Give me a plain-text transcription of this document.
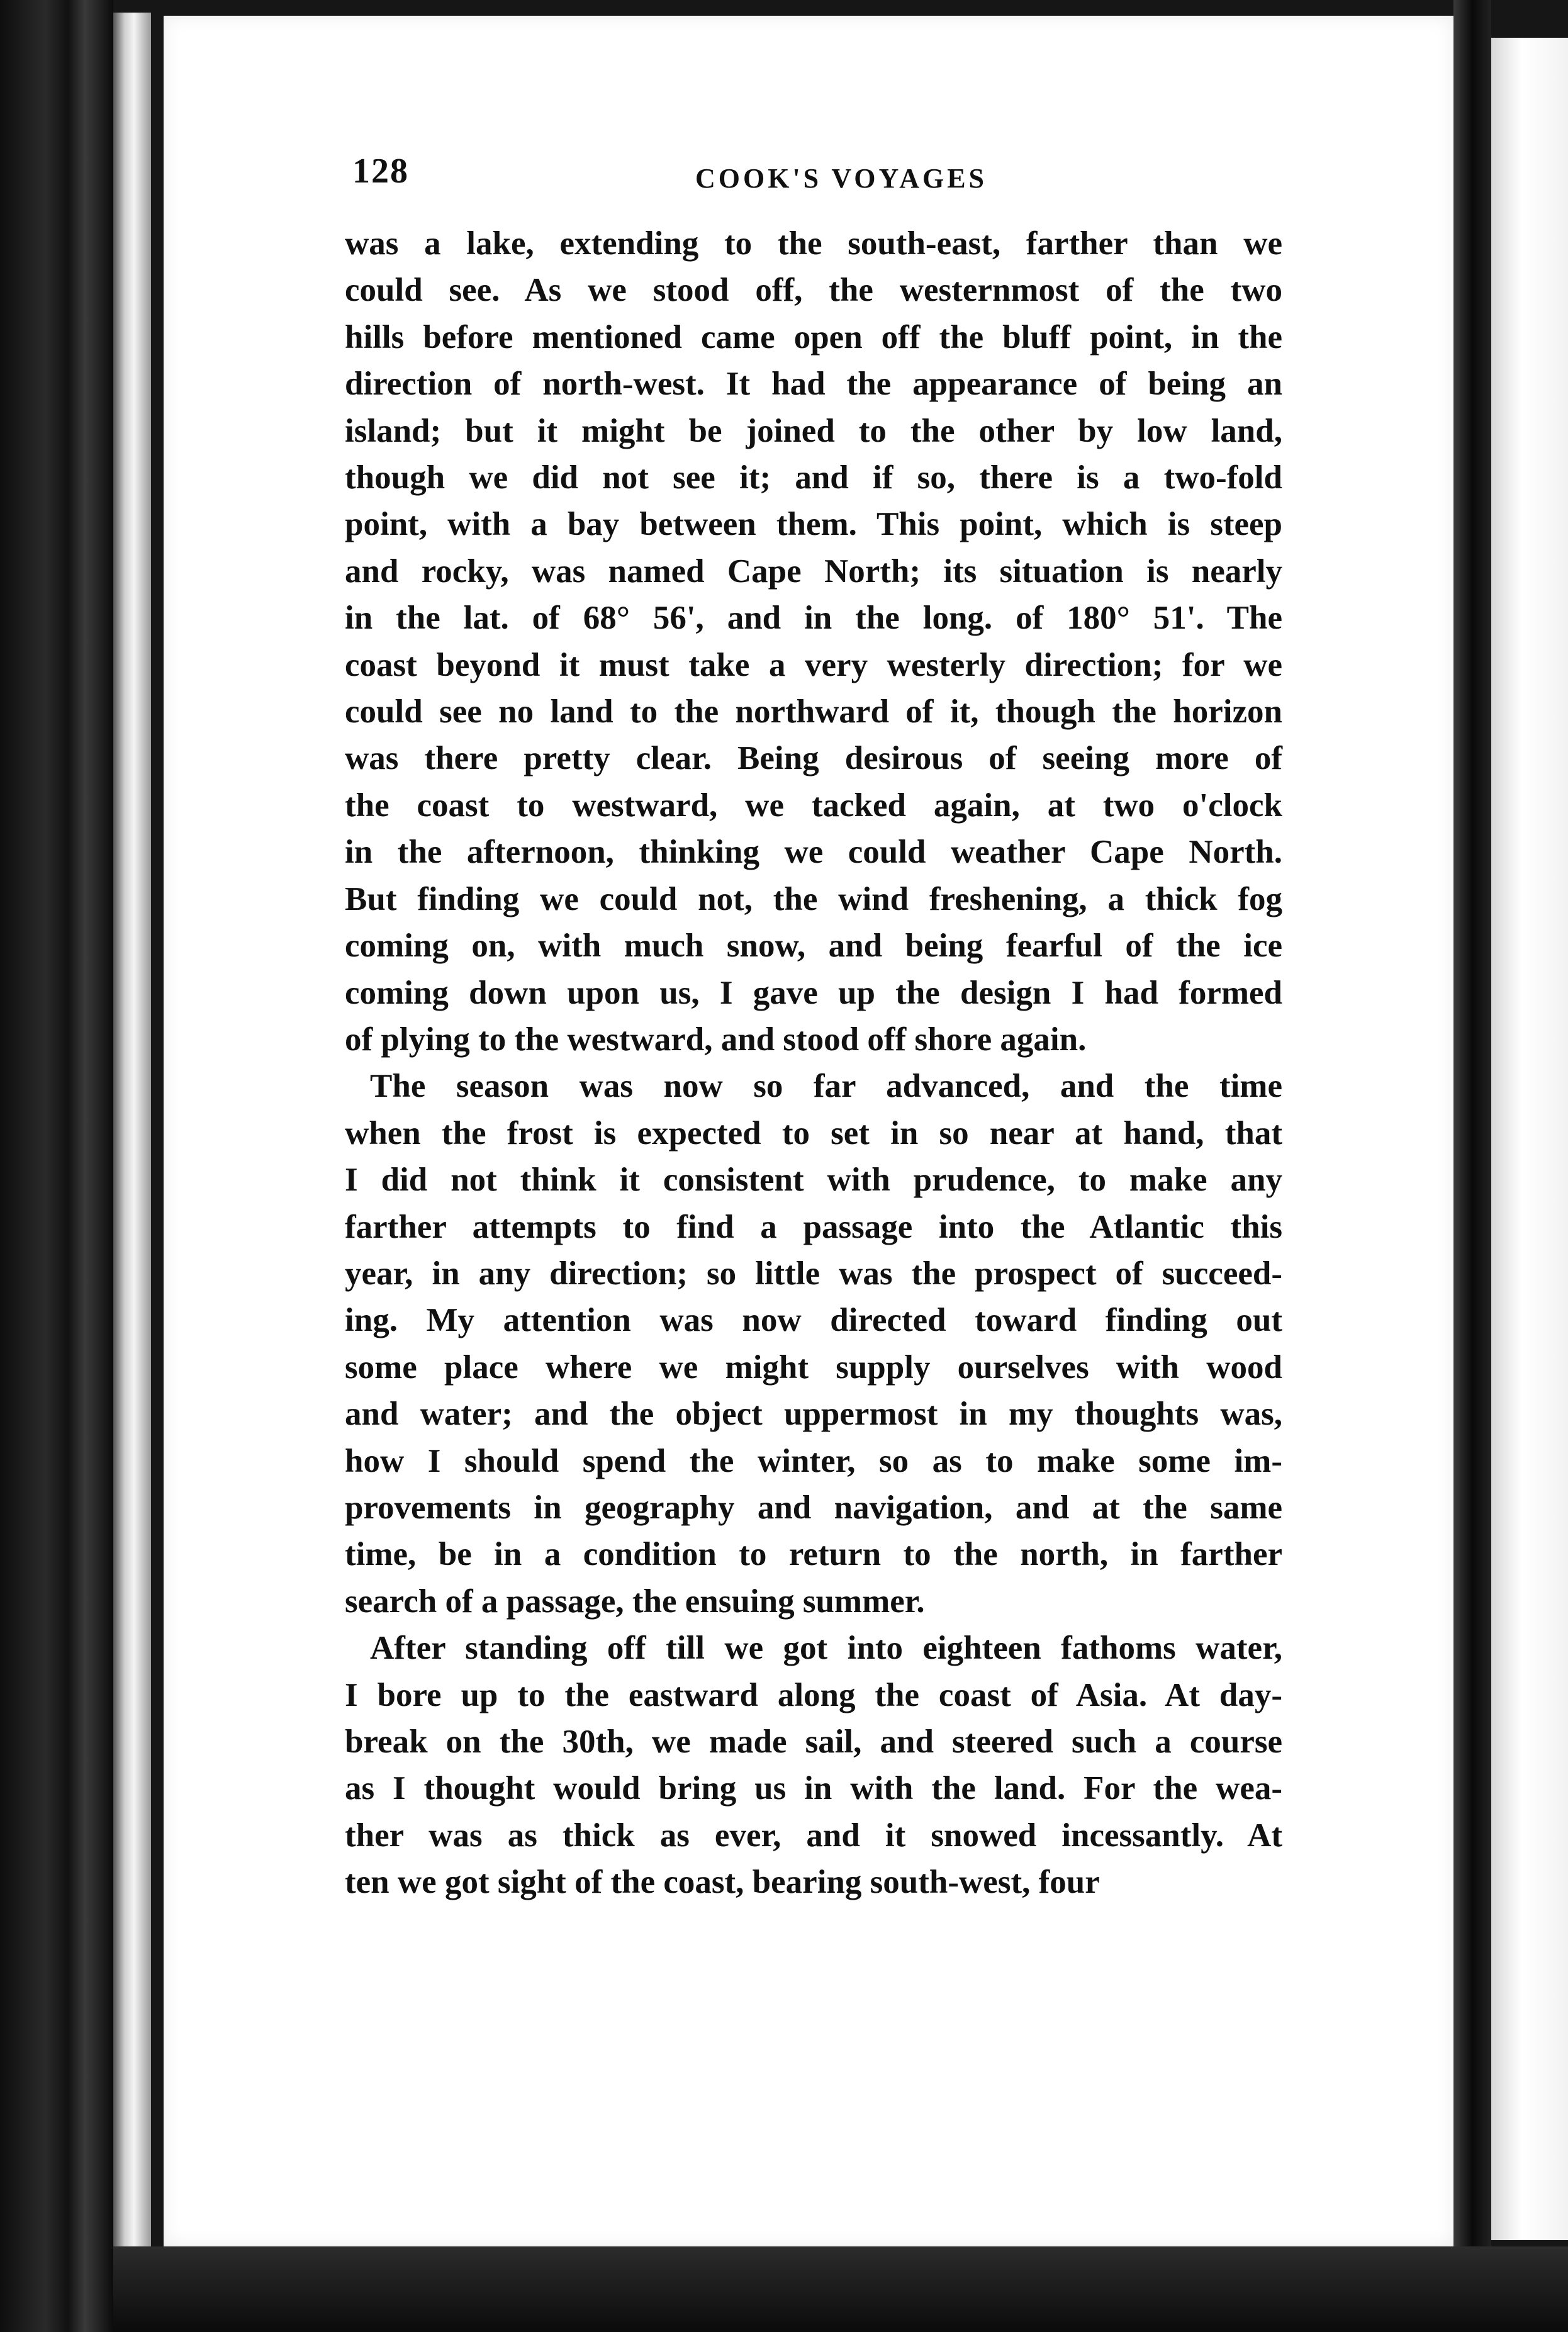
128	COOK'S VOYAGES
was a lake, extending to the south-east, farther than we
could see. As we stood off, the westernmost of the two
hills before mentioned came open off the bluff point, in the
direction of north-west. It had the appearance of being an
island; but it might be joined to the other by low land,
though we did not see it; and if so, there is a two-fold
point, with a bay between them. This point, which is steep
and rocky, was named Cape North; its situation is nearly
in the lat. of 68° 56', and in the long. of 180° 51'. The
coast beyond it must take a very westerly direction; for we
could see no land to the northward of it, though the horizon
was there pretty clear. Being desirous of seeing more of
the coast to westward, we tacked again, at two o'clock
in the afternoon, thinking we could weather Cape North.
But finding we could not, the wind freshening, a thick fog
coming on, with much snow, and being fearful of the ice
coming down upon us, I gave up the design I had formed
of plying to the westward, and stood off shore again.
The season was now so far advanced, and the time
when the frost is expected to set in so near at hand, that
I did not think it consistent with prudence, to make any
farther attempts to find a passage into the Atlantic this
year, in any direction; so little was the prospect of succeed-
ing. My attention was now directed toward finding out
some place where we might supply ourselves with wood
and water; and the object uppermost in my thoughts was,
how I should spend the winter, so as to make some im-
provements in geography and navigation, and at the same
time, be in a condition to return to the north, in farther
search of a passage, the ensuing summer.
After standing off till we got into eighteen fathoms water,
I bore up to the eastward along the coast of Asia. At day-
break on the 30th, we made sail, and steered such a course
as I thought would bring us in with the land. For the wea-
ther was as thick as ever, and it snowed incessantly. At
ten we got sight of the coast, bearing south-west, four
